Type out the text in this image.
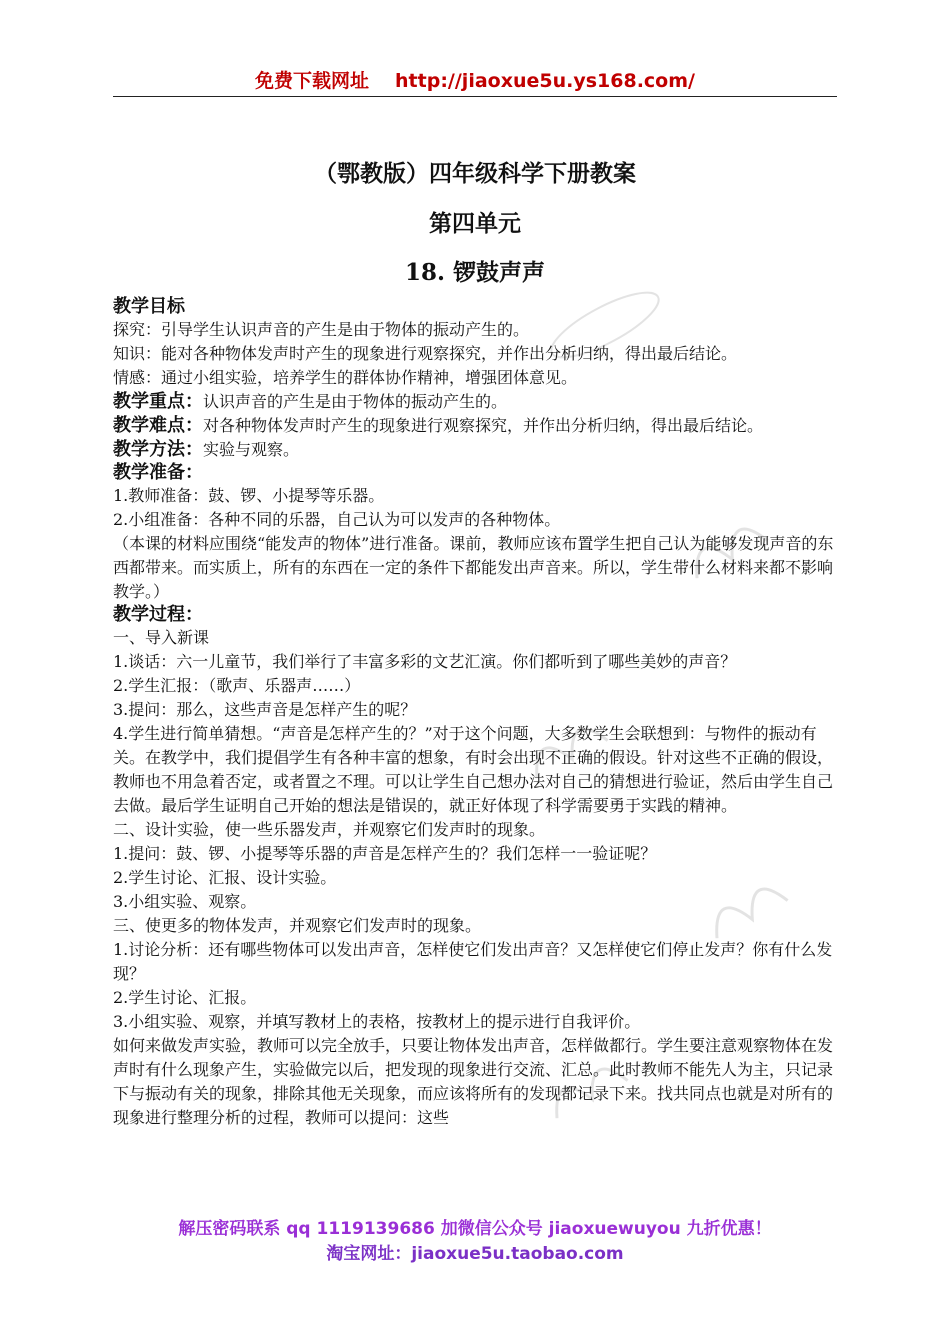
免费下载网址 http://jiaoxue5u.ys168.com/
（鄂教版）四年级科学下册教案
第四单元
18. 锣鼓声声

教学目标

探究：引导学生认识声音的产生是由于物体的振动产生的。

知识：能对各种物体发声时产生的现象进行观察探究，并作出分析归纳，得出最后结论。

情感：通过小组实验，培养学生的群体协作精神，增强团体意见。

教学重点：认识声音的产生是由于物体的振动产生的。

教学难点：对各种物体发声时产生的现象进行观察探究，并作出分析归纳，得出最后结论。

教学方法：实验与观察。

教学准备：

1.教师准备：鼓、锣、小提琴等乐器。

2.小组准备：各种不同的乐器，自己认为可以发声的各种物体。

（本课的材料应围绕“能发声的物体”进行准备。课前，教师应该布置学生把自己认为能够发现声音的东西都带来。而实质上，所有的东西在一定的条件下都能发出声音来。所以，学生带什么材料来都不影响教学。）

教学过程：

一、导入新课

1.谈话：六一儿童节，我们举行了丰富多彩的文艺汇演。你们都听到了哪些美妙的声音？

2.学生汇报：（歌声、乐器声……）

3.提问：那么，这些声音是怎样产生的呢？

4.学生进行简单猜想。“声音是怎样产生的？”对于这个问题，大多数学生会联想到：与物件的振动有关。在教学中，我们提倡学生有各种丰富的想象，有时会出现不正确的假设。针对这些不正确的假设，教师也不用急着否定，或者置之不理。可以让学生自己想办法对自己的猜想进行验证，然后由学生自己去做。最后学生证明自己开始的想法是错误的，就正好体现了科学需要勇于实践的精神。

二、设计实验，使一些乐器发声，并观察它们发声时的现象。

1.提问：鼓、锣、小提琴等乐器的声音是怎样产生的？我们怎样一一验证呢？

2.学生讨论、汇报、设计实验。

3.小组实验、观察。

三、使更多的物体发声，并观察它们发声时的现象。

1.讨论分析：还有哪些物体可以发出声音，怎样使它们发出声音？又怎样使它们停止发声？你有什么发现？

2.学生讨论、汇报。

3.小组实验、观察，并填写教材上的表格，按教材上的提示进行自我评价。

如何来做发声实验，教师可以完全放手，只要让物体发出声音，怎样做都行。学生要注意观察物体在发声时有什么现象产生，实验做完以后，把发现的现象进行交流、汇总。此时教师不能先人为主，只记录下与振动有关的现象，排除其他无关现象，而应该将所有的发现都记录下来。找共同点也就是对所有的现象进行整理分析的过程，教师可以提问：这些

解压密码联系 qq 1119139686 加微信公众号 jiaoxuewuyou 九折优惠！
淘宝网址：jiaoxue5u.taobao.com
